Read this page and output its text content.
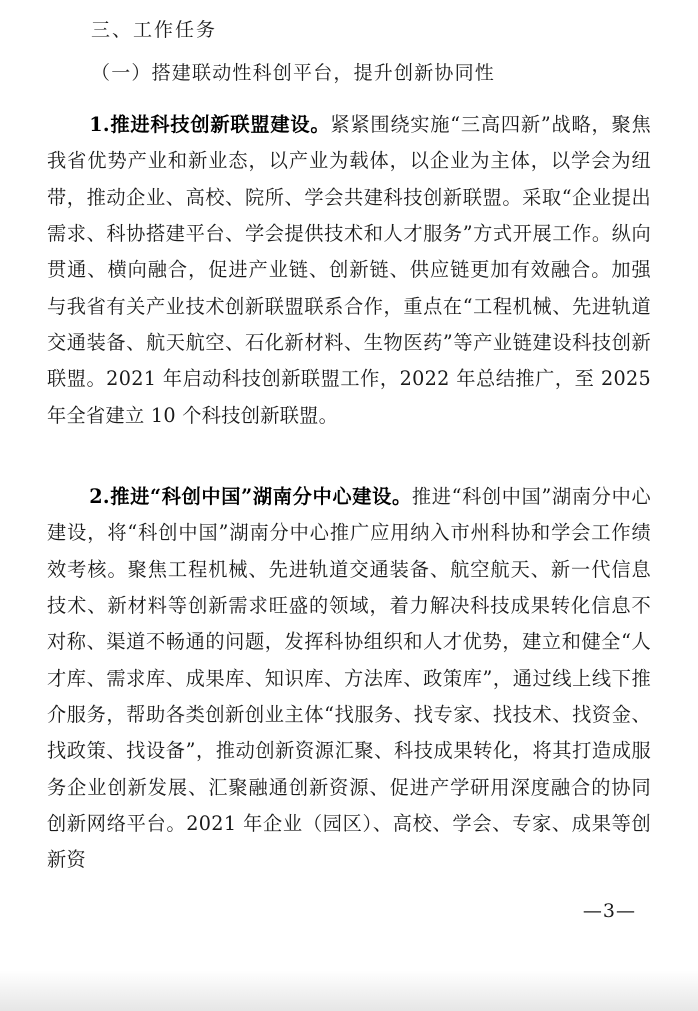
三、工作任务
（一）搭建联动性科创平台，提升创新协同性

1.推进科技创新联盟建设。紧紧围绕实施“三高四新”战略，聚焦我省优势产业和新业态，以产业为载体，以企业为主体，以学会为纽带，推动企业、高校、院所、学会共建科技创新联盟。采取“企业提出需求、科协搭建平台、学会提供技术和人才服务”方式开展工作。纵向贯通、横向融合，促进产业链、创新链、供应链更加有效融合。加强与我省有关产业技术创新联盟联系合作，重点在“工程机械、先进轨道交通装备、航天航空、石化新材料、生物医药”等产业链建设科技创新联盟。2021 年启动科技创新联盟工作，2022 年总结推广，至 2025 年全省建立 10 个科技创新联盟。

2.推进“科创中国”湖南分中心建设。推进“科创中国”湖南分中心建设，将“科创中国”湖南分中心推广应用纳入市州科协和学会工作绩效考核。聚焦工程机械、先进轨道交通装备、航空航天、新一代信息技术、新材料等创新需求旺盛的领域，着力解决科技成果转化信息不对称、渠道不畅通的问题，发挥科协组织和人才优势，建立和健全“人才库、需求库、成果库、知识库、方法库、政策库”，通过线上线下推介服务，帮助各类创新创业主体“找服务、找专家、找技术、找资金、找政策、找设备”，推动创新资源汇聚、科技成果转化，将其打造成服务企业创新发展、汇聚融通创新资源、促进产学研用深度融合的协同创新网络平台。2021 年企业（园区）、高校、学会、专家、成果等创新资

—3—
